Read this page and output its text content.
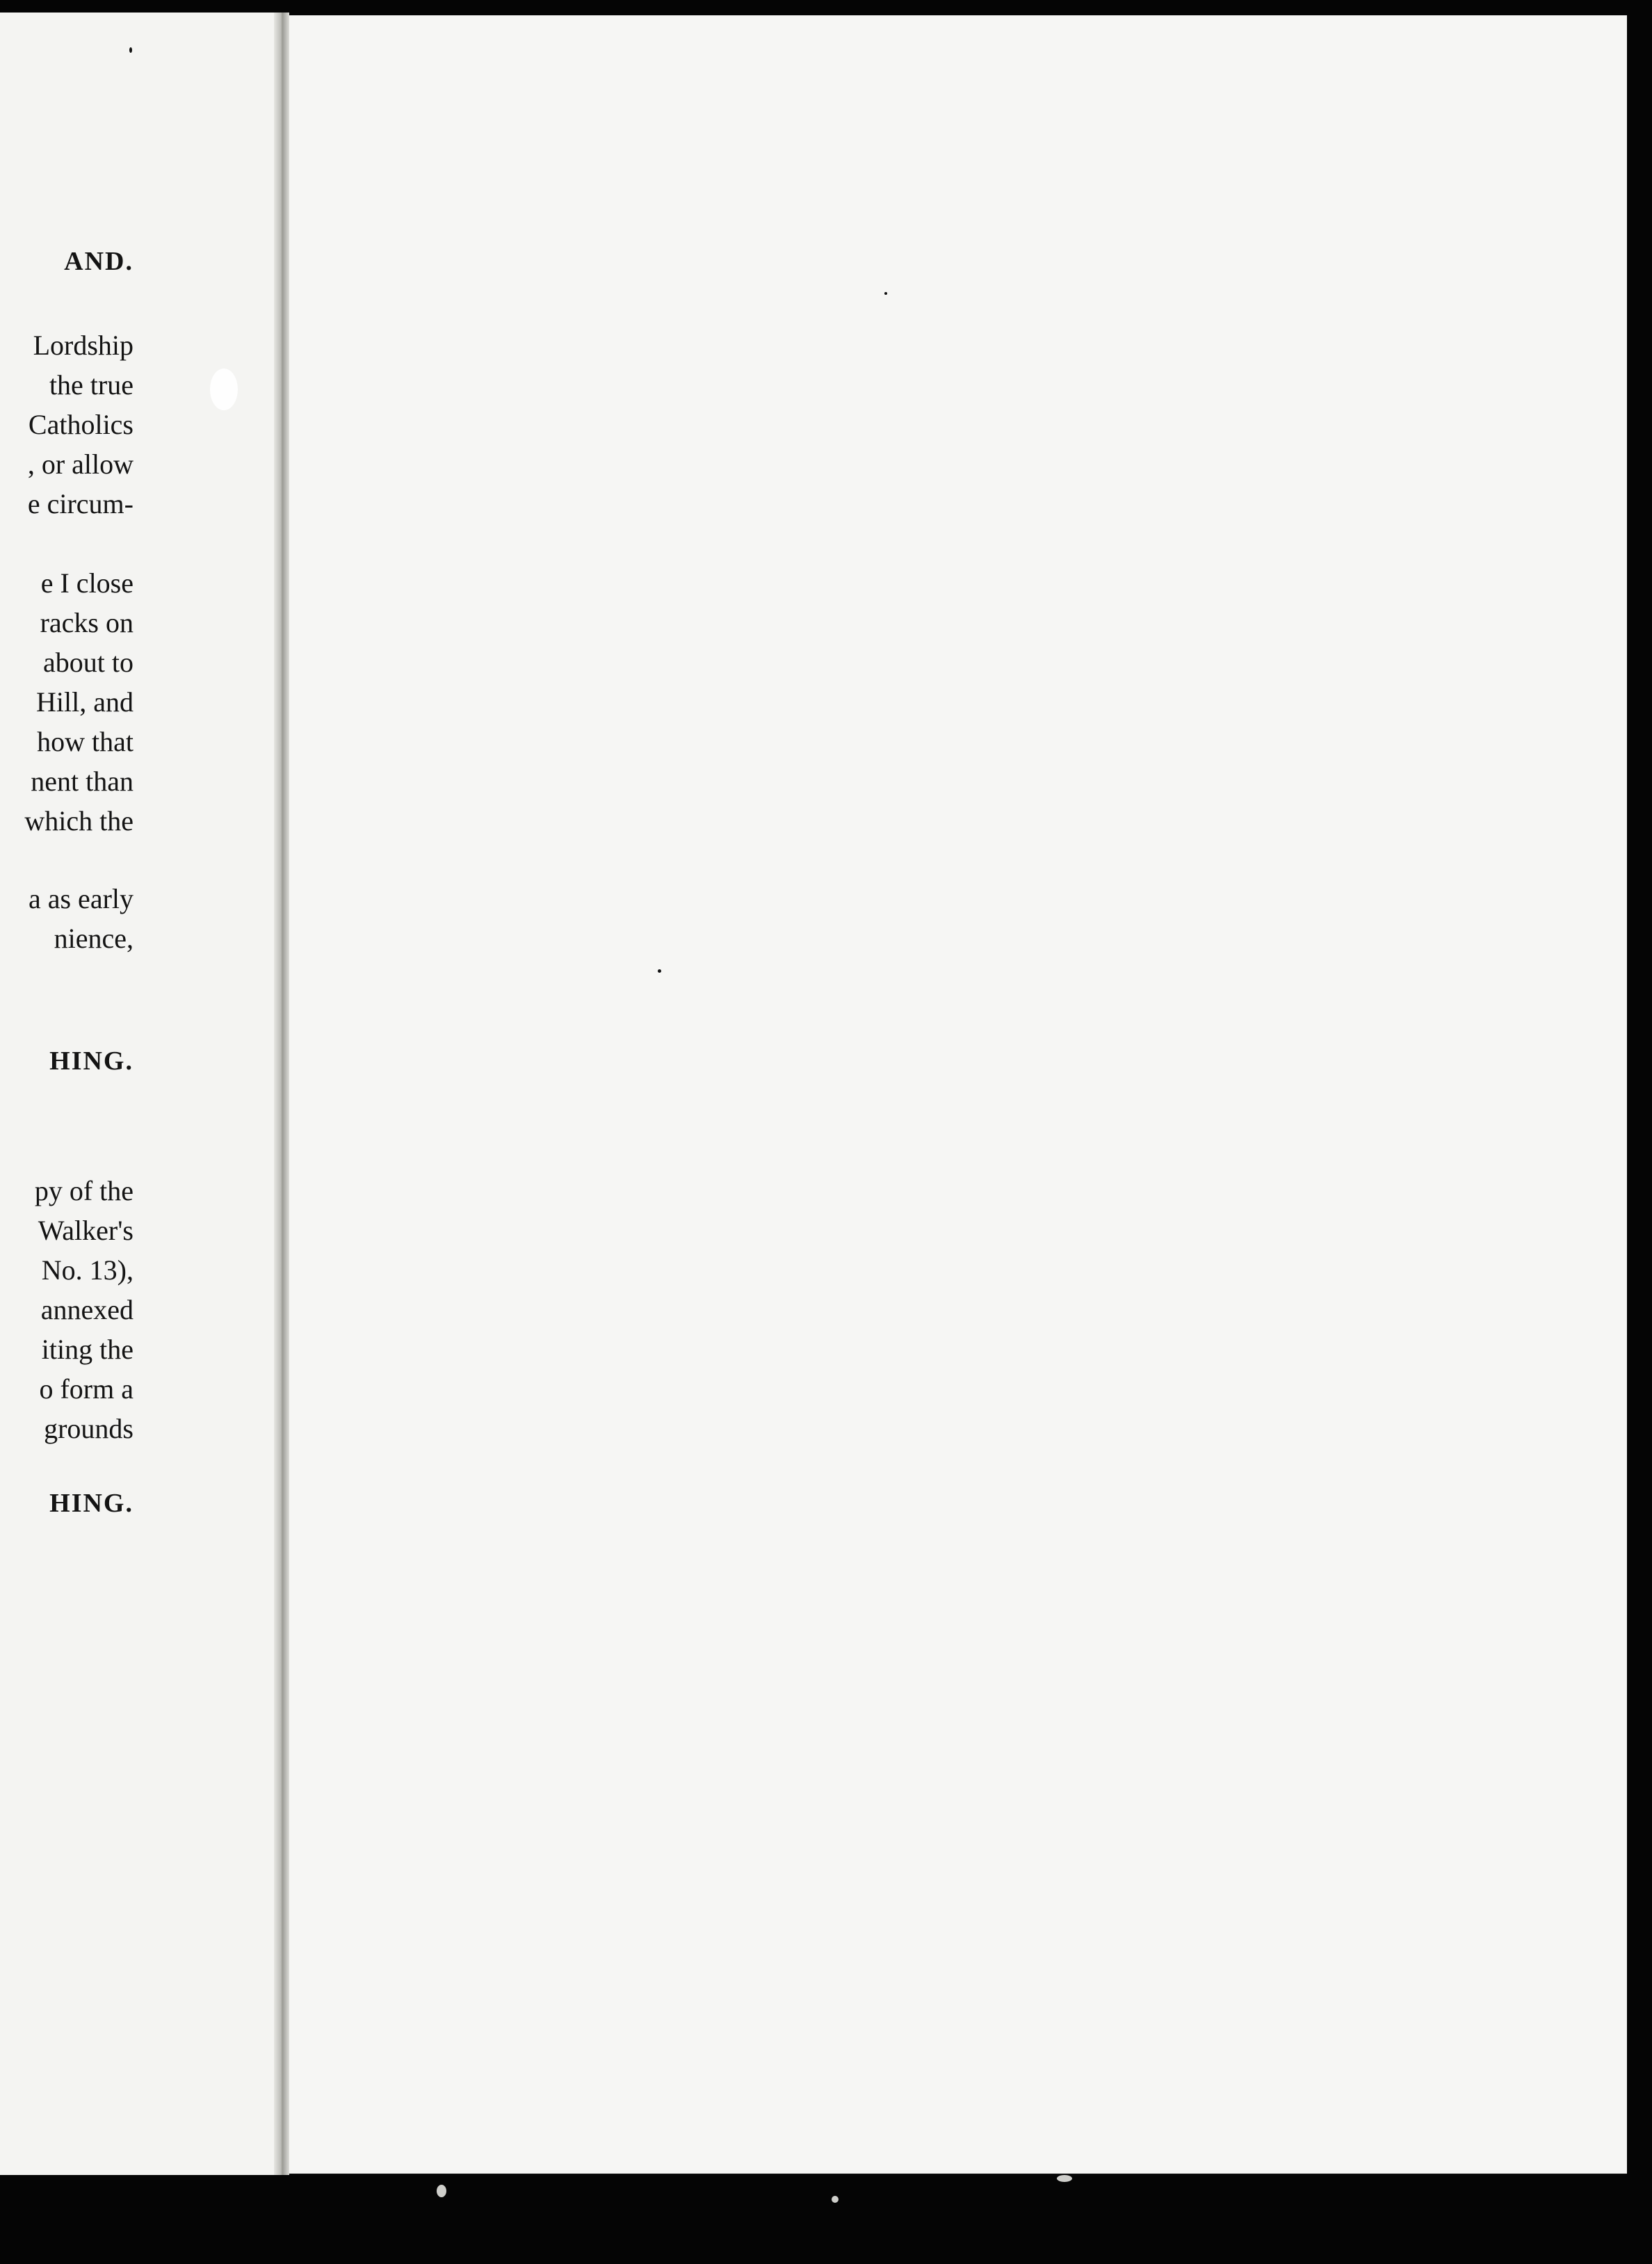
AND.
Lordship
the true
Catholics
, or allow
e circum-
e I close
racks on
about to
Hill, and
how that
nent than
which the
a as early
nience,
HING.
py of the
Walker's
No. 13),
annexed
iting the
o form a
grounds
HING.
